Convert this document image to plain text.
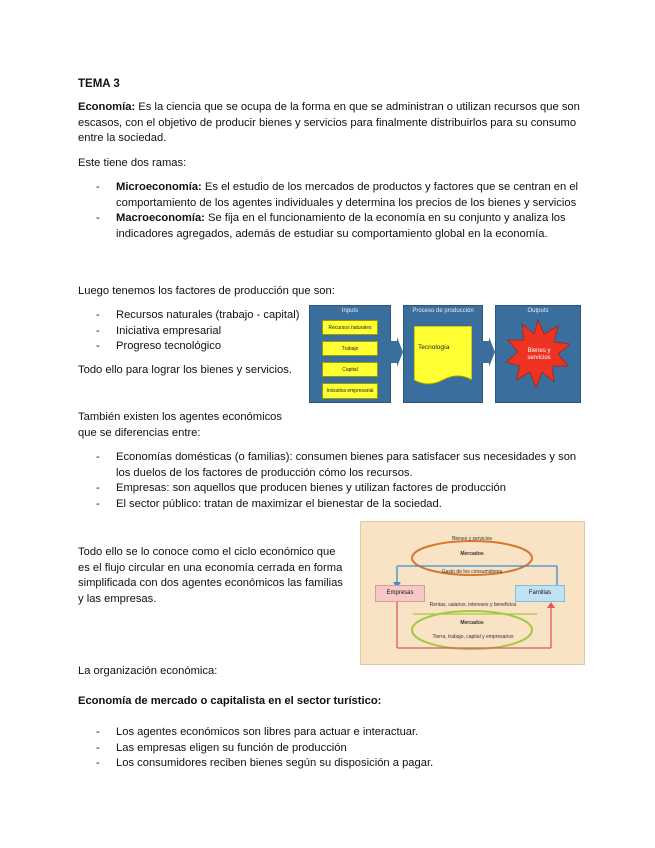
TEMA 3
Economía: Es la ciencia que se ocupa de la forma en que se administran o utilizan recursos que son escasos, con el objetivo de producir bienes y servicios para finalmente distribuirlos para su consumo entre la sociedad.
Este tiene dos ramas:
- Microeconomía: Es el estudio de los mercados de productos y factores que se centran en el comportamiento de los agentes individuales y determina los precios de los bienes y servicios
- Macroeconomía: Se fija en el funcionamiento de la economía en su conjunto y analiza los indicadores agregados, además de estudiar su comportamiento global en la economía.
Luego tenemos los factores de producción que son:
- Recursos naturales (trabajo - capital)
- Iniciativa empresarial
- Progreso tecnológico
Todo ello para lograr los bienes y servicios.
Inputs
Recursos naturales
Trabajo
Capital
Iniciativa empresarial
Proceso de producción
Tecnología
Outputs
Bienes y servicios
También existen los agentes económicos
que se diferencias entre:
- Economías domésticas (o familias): consumen bienes para satisfacer sus necesidades y son los duelos de los factores de producción cómo los recursos.
- Empresas: son aquellos que producen bienes y utilizan factores de producción
- El sector público: tratan de maximizar el bienestar de la sociedad.
Todo ello se lo conoce como el ciclo económico que es el flujo circular en una economía cerrada en forma simplificada con dos agentes económicos las familias y las empresas.
Bienes y servicios
Mercados
Gasto de los consumidores
Empresas	Familias
Rentas, salarios, intereses y beneficios
Mercados
Tierra, trabajo, capital y empresarios
La organización económica:
Economía de mercado o capitalista en el sector turístico:
- Los agentes económicos son libres para actuar e interactuar.
- Las empresas eligen su función de producción
- Los consumidores reciben bienes según su disposición a pagar.
